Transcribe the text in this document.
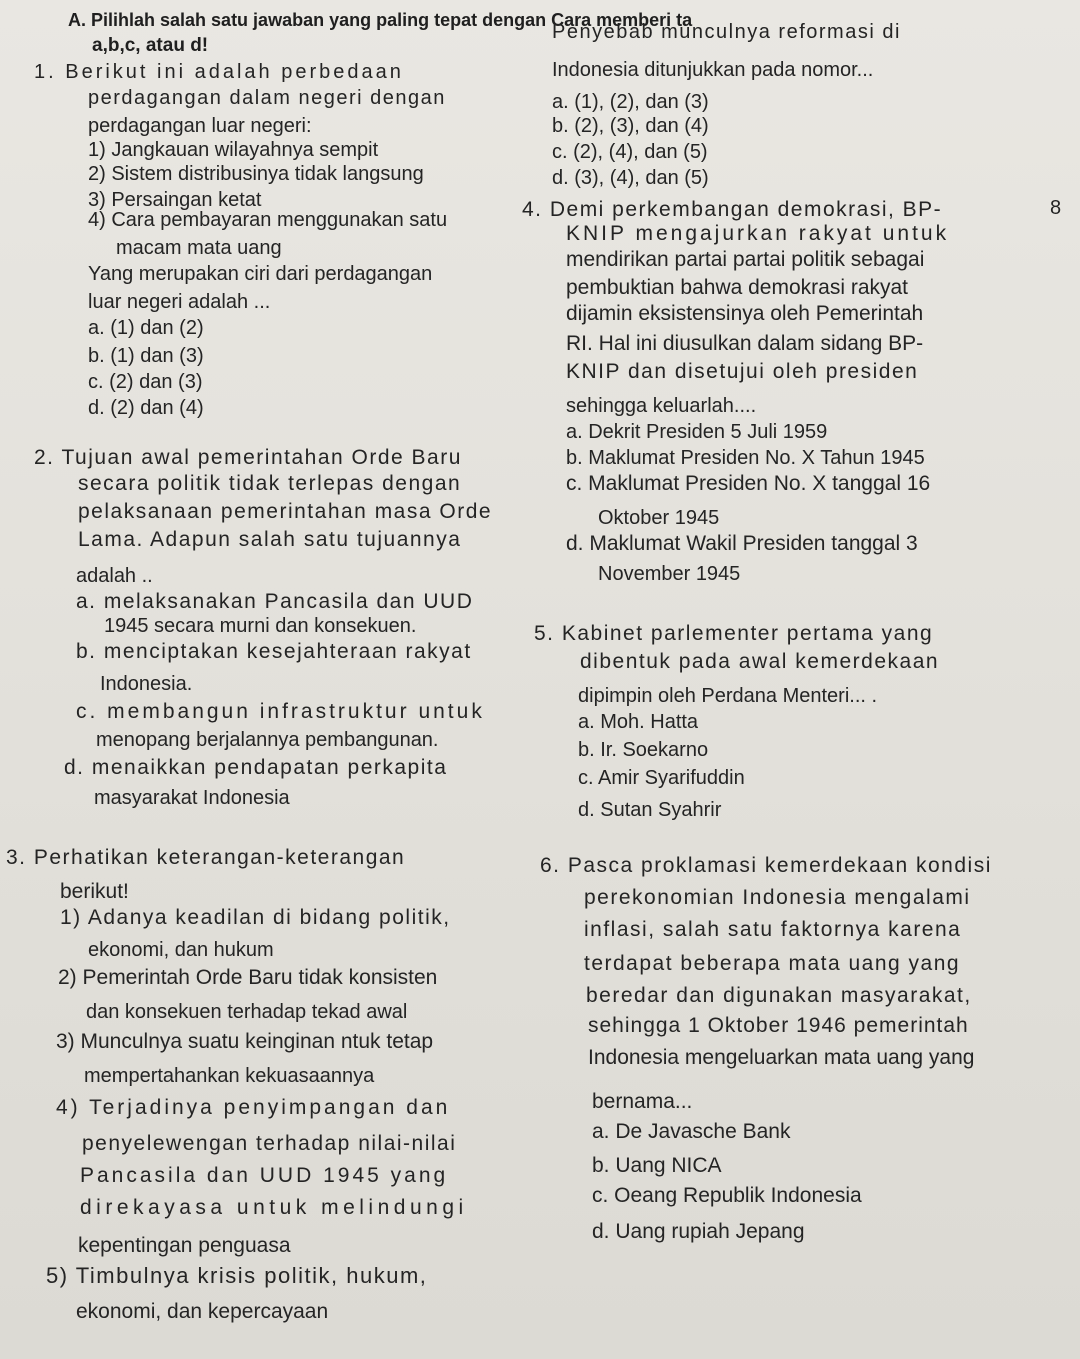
A. Pilihlah salah satu jawaban yang paling tepat dengan Cara memberi ta
a,b,c, atau d!
1. Berikut ini adalah perbedaan
perdagangan dalam negeri dengan
perdagangan luar negeri:
1) Jangkauan wilayahnya sempit
2) Sistem distribusinya tidak langsung
3) Persaingan ketat
4) Cara pembayaran menggunakan satu
macam mata uang
Yang merupakan ciri dari perdagangan
luar negeri adalah ...
a. (1) dan (2)
b. (1) dan (3)
c. (2) dan (3)
d. (2) dan (4)
2. Tujuan awal pemerintahan Orde Baru
secara politik tidak terlepas dengan
pelaksanaan pemerintahan masa Orde
Lama. Adapun salah satu tujuannya
adalah ..
a. melaksanakan Pancasila dan UUD
1945 secara murni dan konsekuen.
b. menciptakan kesejahteraan rakyat
Indonesia.
c. membangun infrastruktur untuk
menopang berjalannya pembangunan.
d. menaikkan pendapatan perkapita
masyarakat Indonesia
3. Perhatikan keterangan-keterangan
berikut!
1) Adanya keadilan di bidang politik,
ekonomi, dan hukum
2) Pemerintah Orde Baru tidak konsisten
dan konsekuen terhadap tekad awal
3) Munculnya suatu keinginan ntuk tetap
mempertahankan kekuasaannya
4) Terjadinya penyimpangan dan
penyelewengan terhadap nilai-nilai
Pancasila dan UUD 1945 yang
direkayasa untuk melindungi
kepentingan penguasa
5) Timbulnya krisis politik, hukum,
ekonomi, dan kepercayaan
Penyebab munculnya reformasi di
Indonesia ditunjukkan pada nomor...
a. (1), (2), dan (3)
b. (2), (3), dan (4)
c. (2), (4), dan (5)
d. (3), (4), dan (5)
4. Demi perkembangan demokrasi, BP-	8
KNIP mengajurkan rakyat untuk
mendirikan partai partai politik sebagai
pembuktian bahwa demokrasi rakyat
dijamin eksistensinya oleh Pemerintah
RI. Hal ini diusulkan dalam sidang BP-
KNIP dan disetujui oleh presiden
sehingga keluarlah....
a. Dekrit Presiden 5 Juli 1959
b. Maklumat Presiden No. X Tahun 1945
c. Maklumat Presiden No. X tanggal 16
Oktober 1945
d. Maklumat Wakil Presiden tanggal 3
November 1945
5. Kabinet parlementer pertama yang
dibentuk pada awal kemerdekaan
dipimpin oleh Perdana Menteri... .
a. Moh. Hatta
b. Ir. Soekarno
c. Amir Syarifuddin
d. Sutan Syahrir
6. Pasca proklamasi kemerdekaan kondisi
perekonomian Indonesia mengalami
inflasi, salah satu faktornya karena
terdapat beberapa mata uang yang
beredar dan digunakan masyarakat,
sehingga 1 Oktober 1946 pemerintah
Indonesia mengeluarkan mata uang yang
bernama...
a. De Javasche Bank
b. Uang NICA
c. Oeang Republik Indonesia
d. Uang rupiah Jepang
